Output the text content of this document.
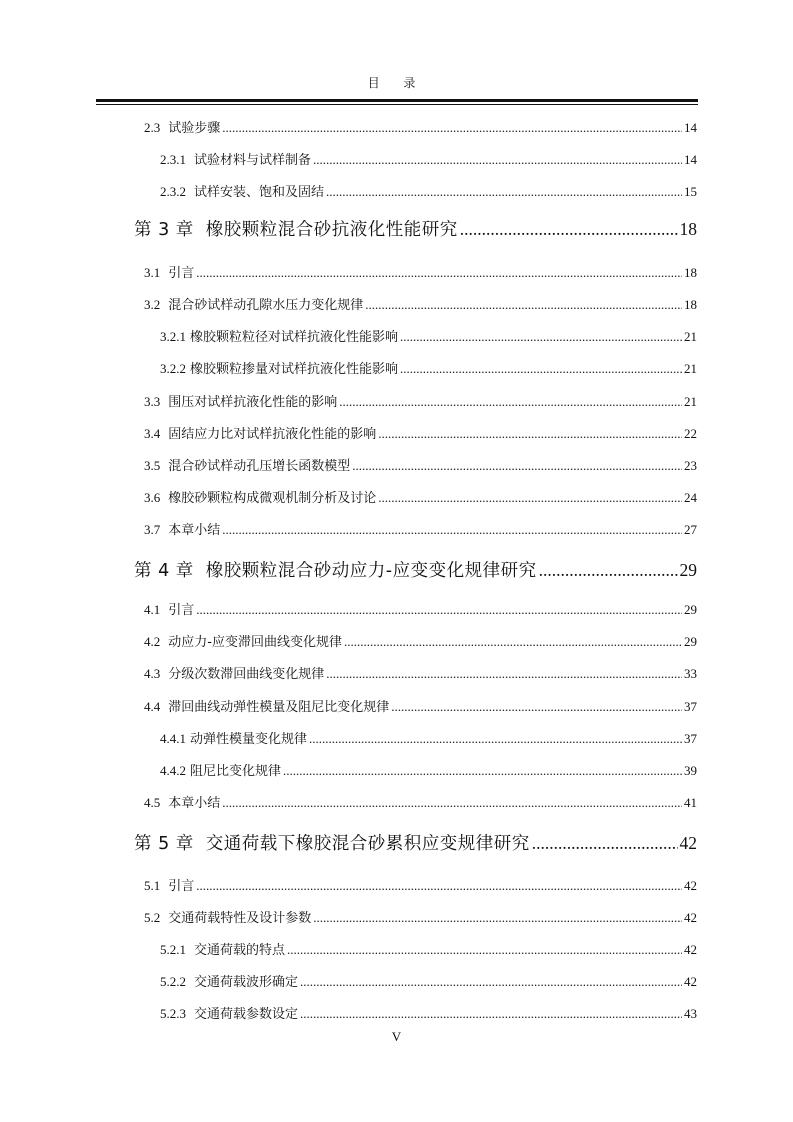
目 录
2.3 试验步骤 .....	14
2.3.1 试验材料与试样制备 .....	14
2.3.2 试样安装、饱和及固结 .....	15
第 3 章 橡胶颗粒混合砂抗液化性能研究 .....	18
3.1 引言 .....	18
3.2 混合砂试样动孔隙水压力变化规律 .....	18
3.2.1 橡胶颗粒粒径对试样抗液化性能影响 .....	21
3.2.2 橡胶颗粒掺量对试样抗液化性能影响 .....	21
3.3 围压对试样抗液化性能的影响 .....	21
3.4 固结应力比对试样抗液化性能的影响 .....	22
3.5 混合砂试样动孔压增长函数模型 .....	23
3.6 橡胶砂颗粒构成微观机制分析及讨论 .....	24
3.7 本章小结 .....	27
第 4 章 橡胶颗粒混合砂动应力-应变变化规律研究 .....	29
4.1 引言 .....	29
4.2 动应力-应变滞回曲线变化规律 .....	29
4.3 分级次数滞回曲线变化规律 .....	33
4.4 滞回曲线动弹性模量及阻尼比变化规律 .....	37
4.4.1 动弹性模量变化规律 .....	37
4.4.2 阻尼比变化规律 .....	39
4.5 本章小结 .....	41
第 5 章 交通荷载下橡胶混合砂累积应变规律研究 .....	42
5.1 引言 .....	42
5.2 交通荷载特性及设计参数 .....	42
5.2.1 交通荷载的特点 .....	42
5.2.2 交通荷载波形确定 .....	42
5.2.3 交通荷载参数设定 .....	43
V
